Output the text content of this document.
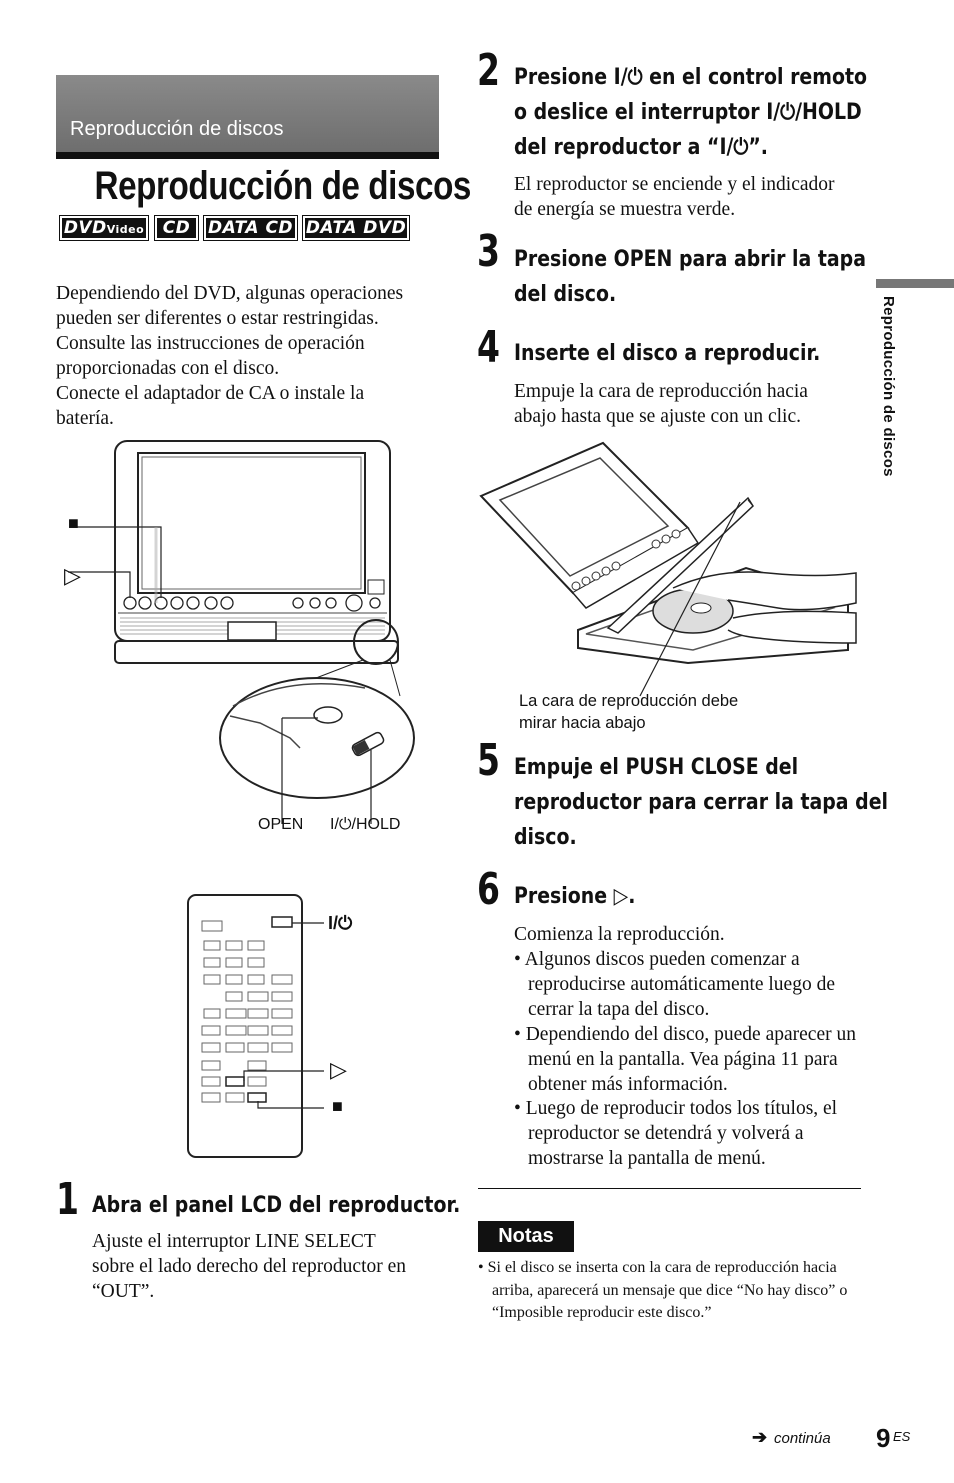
Reproducción de discos
Reproducción de discos
DVDVideo	CD	DATA CD DATA DVD
Dependiendo del DVD, algunas operaciones
pueden ser diferentes o estar restringidas.
Consulte las instrucciones de operación
proporcionadas con el disco.
Conecte el adaptador de CA o instale la
batería.
■
▷
OPEN I/⏻/HOLD
I/⏻
▷
■
1 Abra el panel LCD del reproductor.
Ajuste el interruptor LINE SELECT
sobre el lado derecho del reproductor en
“OUT”.
2 Presione I/⏻ en el control remoto
o deslice el interruptor I/⏻/HOLD
del reproductor a “I/⏻”.
El reproductor se enciende y el indicador
de energía se muestra verde.
3 Presione OPEN para abrir la tapa
del disco.
4 Inserte el disco a reproducir.
Empuje la cara de reproducción hacia
abajo hasta que se ajuste con un clic.
La cara de reproducción debe
mirar hacia abajo
5 Empuje el PUSH CLOSE del
reproductor para cerrar la tapa del
disco.
6 Presione ▷.
Comienza la reproducción.
• Algunos discos pueden comenzar a reproducirse automáticamente luego de cerrar la tapa del disco.
• Dependiendo del disco, puede aparecer un menú en la pantalla. Vea página 11 para obtener más información.
• Luego de reproducir todos los títulos, el reproductor se detendrá y volverá a mostrarse la pantalla de menú.
Notas
• Si el disco se inserta con la cara de reproducción hacia arriba, aparecerá un mensaje que dice “No hay disco” o “Imposible reproducir este disco.”
Reproducción de discos
➔ continúa 9 ES
